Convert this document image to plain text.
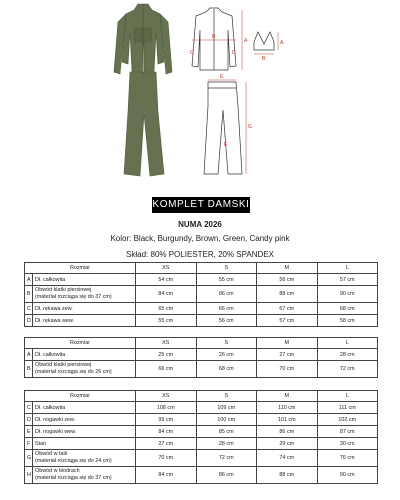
A
B
C	D
A
B
G
E
E
KOMPLET DAMSKI
NUMA 2026
Kolor: Black, Burgundy, Brown, Green, Candy pink
Skład: 80% POLIESTER, 20% SPANDEX
Rozmiar		XS	S	M	L
A	Dł. całkowita	54 cm	55 cm	56 cm	57 cm
B	Obwód klatki piersiowej
(materiał rozciąga się do 37 cm)	84 cm	86 cm	88 cm	90 cm
C	Dł. rękawa zew.	65 cm	66 cm	67 cm	68 cm
D	Dł. rękawa wew.	55 cm	56 cm	57 cm	58 cm
Rozmiar		XS	S	M	L
A	Dł. całkowita	25 cm	26 cm	27 cm	28 cm
B	Obwód klatki piersiowej
(materiał rozciąga się do 26 cm)	66 cm	68 cm	70 cm	72 cm
Rozmiar		XS	S	M	L
C	Dł. całkowita	108 cm	109 cm	110 cm	111 cm
D	Dł. nogawki zew.	99 cm	100 cm	101 cm	102 cm
E	Dł. nogawki wew.	84 cm	85 cm	86 cm	87 cm
F	Stan	27 cm	28 cm	29 cm	30 cm
G	Obwód w talii
(materiał rozciąga się do 24 cm)	70 cm	72 cm	74 cm	76 cm
H	Obwód w biodrach
(materiał rozciąga się do 37 cm)	84 cm	86 cm	88 cm	90 cm
